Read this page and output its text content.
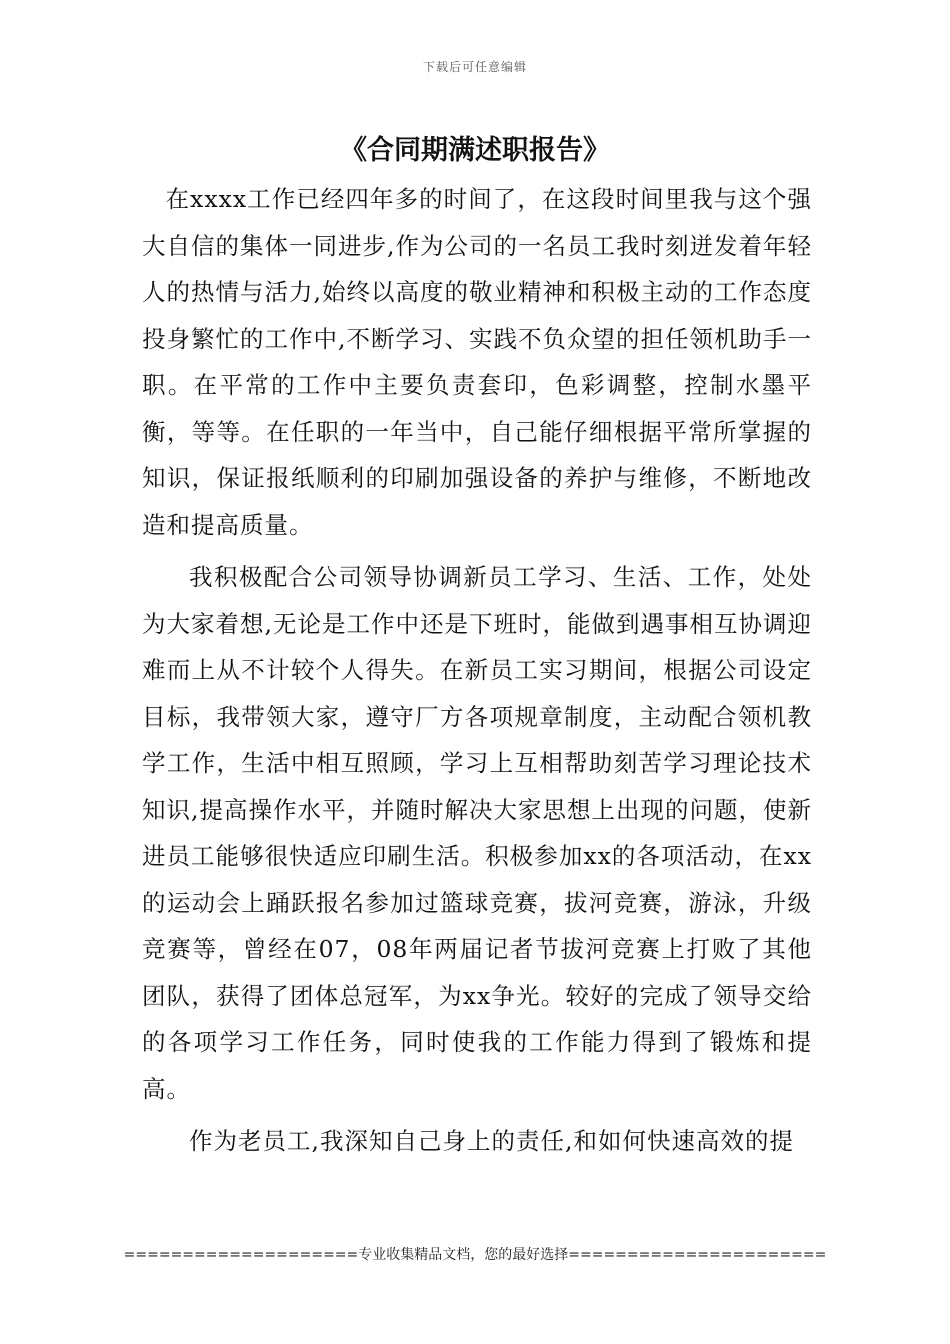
下载后可任意编辑
《合同期满述职报告》

在xxxx工作已经四年多的时间了，在这段时间里我与这个强大自信的集体一同进步,作为公司的一名员工我时刻迸发着年轻人的热情与活力,始终以高度的敬业精神和积极主动的工作态度投身繁忙的工作中,不断学习、实践不负众望的担任领机助手一职。在平常的工作中主要负责套印，色彩调整，控制水墨平衡，等等。在任职的一年当中，自己能仔细根据平常所掌握的知识，保证报纸顺利的印刷加强设备的养护与维修，不断地改造和提高质量。

我积极配合公司领导协调新员工学习、生活、工作，处处为大家着想,无论是工作中还是下班时，能做到遇事相互协调迎难而上从不计较个人得失。在新员工实习期间，根据公司设定目标，我带领大家，遵守厂方各项规章制度，主动配合领机教学工作，生活中相互照顾，学习上互相帮助刻苦学习理论技术知识,提高操作水平，并随时解决大家思想上出现的问题，使新进员工能够很快适应印刷生活。积极参加xx的各项活动，在xx的运动会上踊跃报名参加过篮球竞赛，拔河竞赛，游泳，升级竞赛等，曾经在07，08年两届记者节拔河竞赛上打败了其他团队，获得了团体总冠军，为xx争光。较好的完成了领导交给的各项学习工作任务，同时使我的工作能力得到了锻炼和提高。

作为老员工,我深知自己身上的责任,和如何快速高效的提

====================专业收集精品文档，您的最好选择======================
